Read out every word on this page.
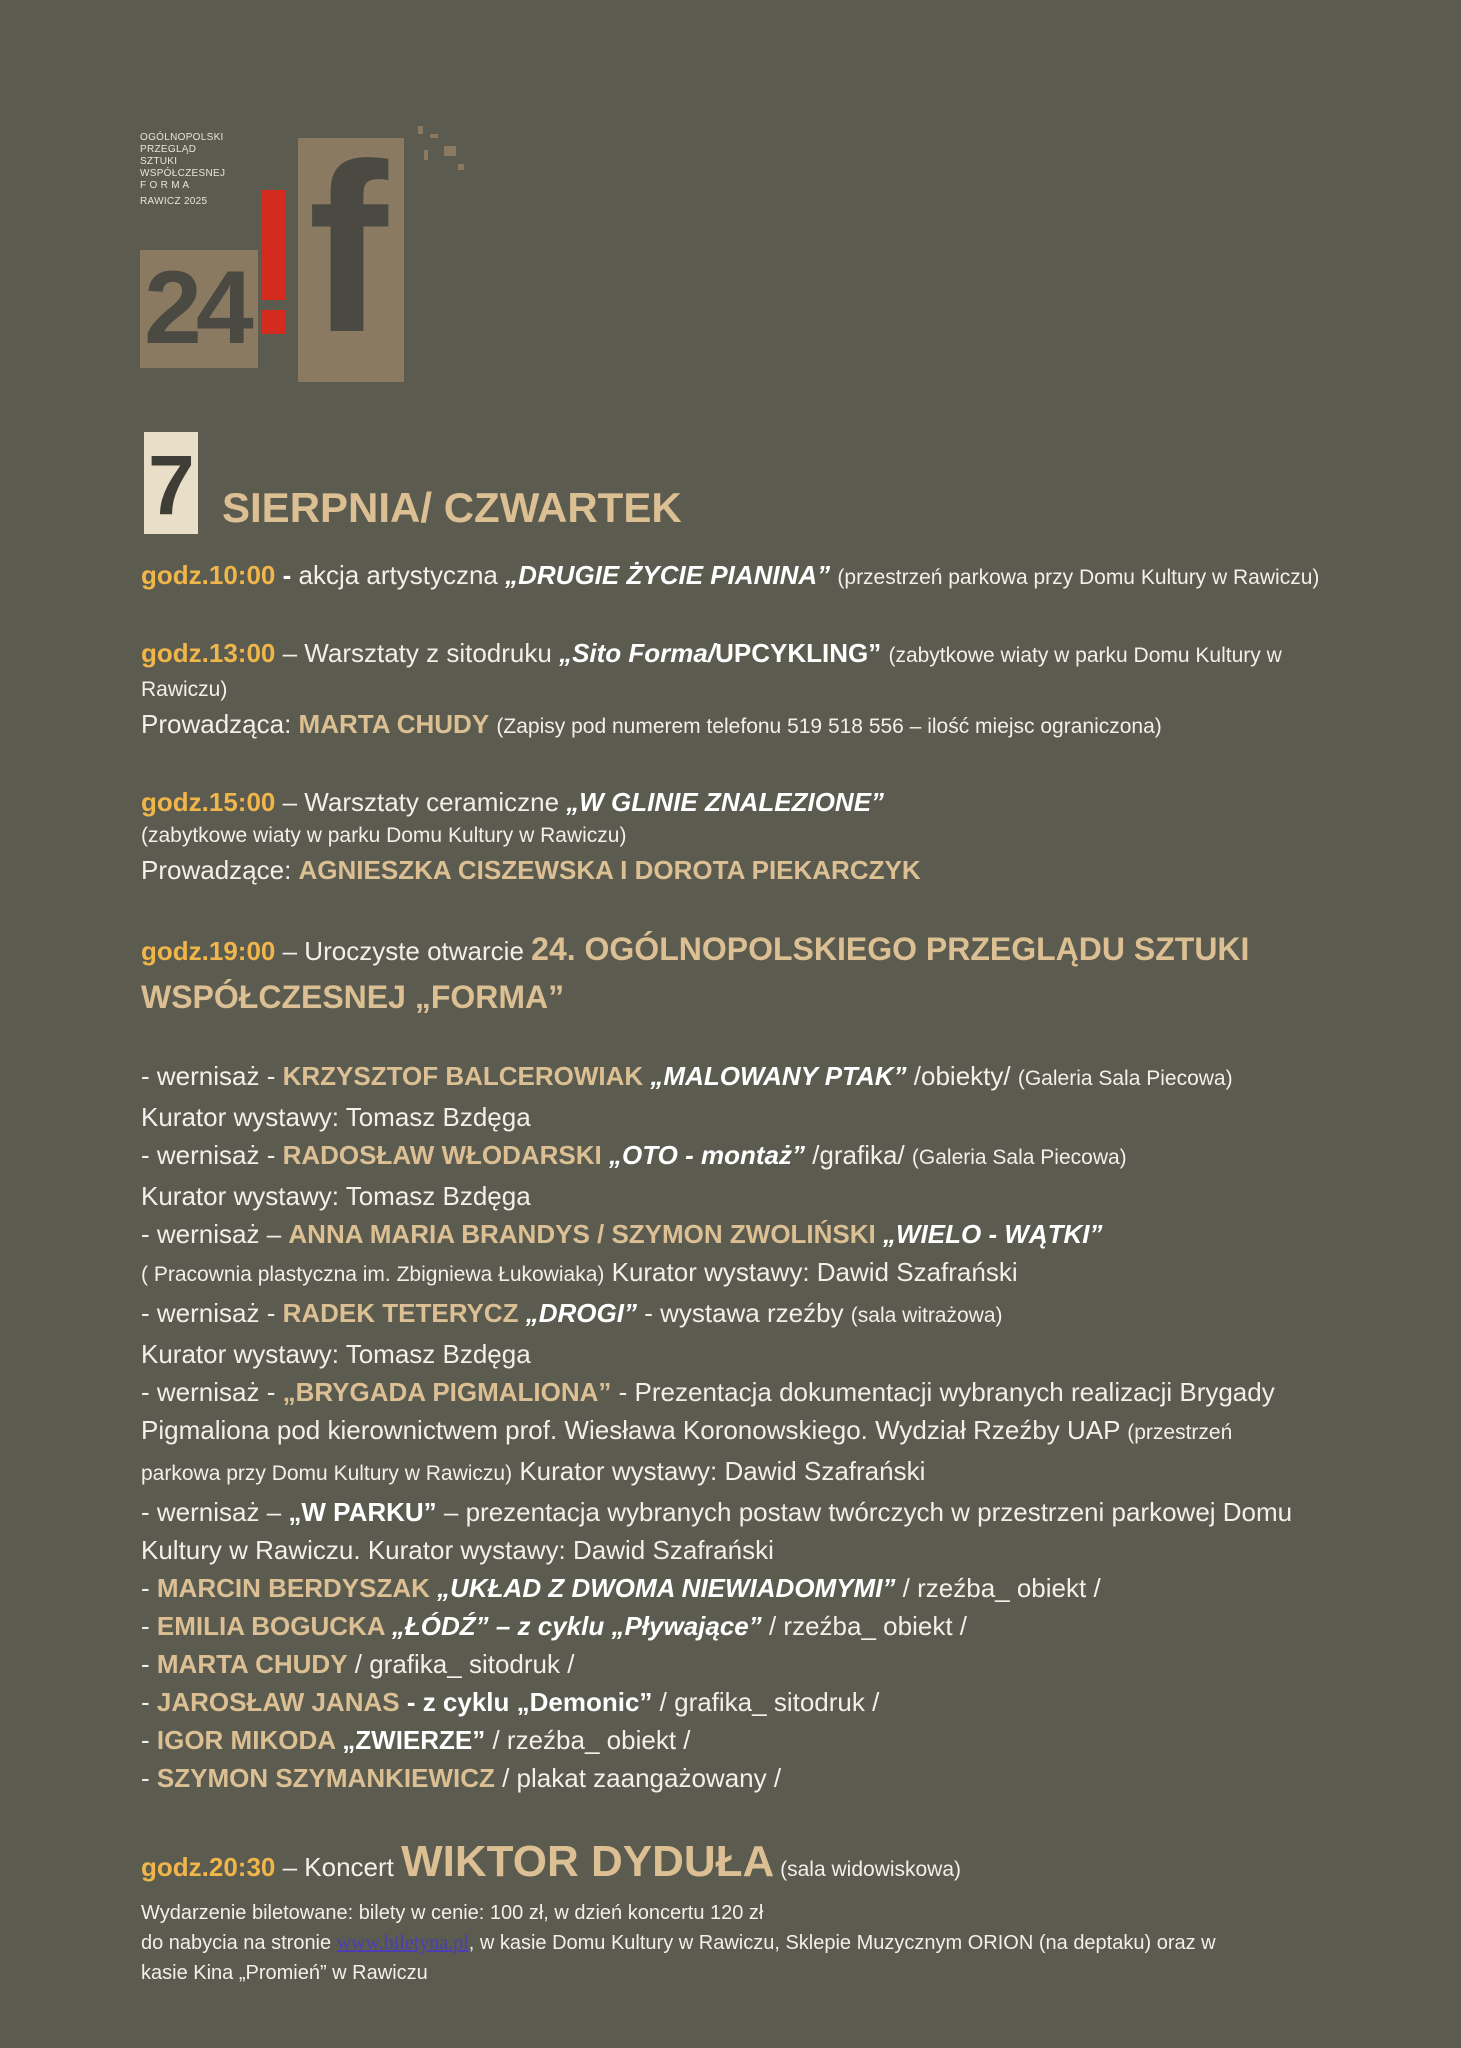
OGÓLNOPOLSKI
PRZEGLĄD
SZTUKI
WSPÓŁCZESNEJ
F O R M A
RAWICZ 2025
24 f
7 SIERPNIA/ CZWARTEK
godz.10:00 - akcja artystyczna „DRUGIE ŻYCIE PIANINA” (przestrzeń parkowa przy Domu Kultury w Rawiczu)
godz.13:00 – Warsztaty z sitodruku „Sito Forma/UPCYKLING” (zabytkowe wiaty w parku Domu Kultury w
Rawiczu)
Prowadząca: MARTA CHUDY (Zapisy pod numerem telefonu 519 518 556 – ilość miejsc ograniczona)
godz.15:00 – Warsztaty ceramiczne „W GLINIE ZNALEZIONE”
(zabytkowe wiaty w parku Domu Kultury w Rawiczu)
Prowadzące: AGNIESZKA CISZEWSKA I DOROTA PIEKARCZYK
godz.19:00 – Uroczyste otwarcie 24. OGÓLNOPOLSKIEGO PRZEGLĄDU SZTUKI
WSPÓŁCZESNEJ „FORMA”
- wernisaż - KRZYSZTOF BALCEROWIAK „MALOWANY PTAK” /obiekty/ (Galeria Sala Piecowa)
Kurator wystawy: Tomasz Bzdęga
- wernisaż - RADOSŁAW WŁODARSKI „OTO - montaż” /grafika/ (Galeria Sala Piecowa)
Kurator wystawy: Tomasz Bzdęga
- wernisaż – ANNA MARIA BRANDYS / SZYMON ZWOLIŃSKI „WIELO - WĄTKI”
( Pracownia plastyczna im. Zbigniewa Łukowiaka) Kurator wystawy: Dawid Szafrański
- wernisaż - RADEK TETERYCZ „DROGI” - wystawa rzeźby (sala witrażowa)
Kurator wystawy: Tomasz Bzdęga
- wernisaż - „BRYGADA PIGMALIONA” - Prezentacja dokumentacji wybranych realizacji Brygady
Pigmaliona pod kierownictwem prof. Wiesława Koronowskiego. Wydział Rzeźby UAP (przestrzeń
parkowa przy Domu Kultury w Rawiczu) Kurator wystawy: Dawid Szafrański
- wernisaż – „W PARKU” – prezentacja wybranych postaw twórczych w przestrzeni parkowej Domu
Kultury w Rawiczu. Kurator wystawy: Dawid Szafrański
- MARCIN BERDYSZAK „UKŁAD Z DWOMA NIEWIADOMYMI” / rzeźba_ obiekt /
- EMILIA BOGUCKA „ŁÓDŹ” – z cyklu „Pływające” / rzeźba_ obiekt /
- MARTA CHUDY / grafika_ sitodruk /
- JAROSŁAW JANAS - z cyklu „Demonic” / grafika_ sitodruk /
- IGOR MIKODA „ZWIERZE” / rzeźba_ obiekt /
- SZYMON SZYMANKIEWICZ / plakat zaangażowany /
godz.20:30 – Koncert WIKTOR DYDUŁA (sala widowiskowa)
Wydarzenie biletowane: bilety w cenie: 100 zł, w dzień koncertu 120 zł
do nabycia na stronie www.biletyna.pl, w kasie Domu Kultury w Rawiczu, Sklepie Muzycznym ORION (na deptaku) oraz w
kasie Kina „Promień” w Rawiczu
